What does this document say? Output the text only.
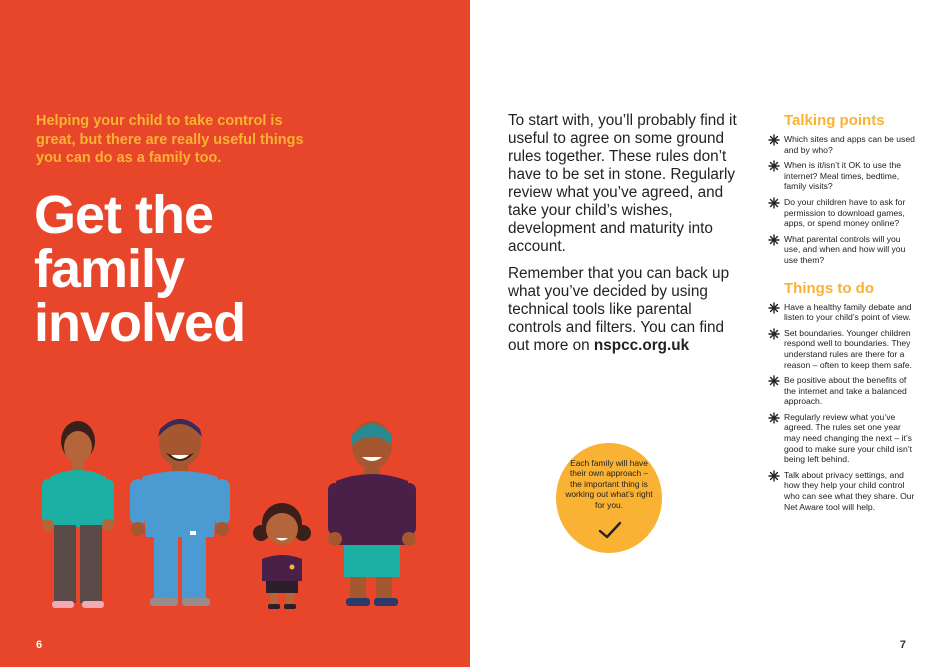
Helping your child to take control is great, but there are really useful things you can do as a family too.
Get the
family
involved
6

To start with, you’ll probably find it useful to agree on some ground rules together. These rules don’t have to be set in stone. Regularly review what you’ve agreed, and take your child’s wishes, development and maturity into account.

Remember that you can back up what you’ve decided by using technical tools like parental controls and filters. You can find out more on nspcc.org.uk

Each family will have their own approach – the important thing is working out what’s right for you.
Talking points
Which sites and apps can be used and by who?
When is it/isn’t it OK to use the internet? Meal times, bedtime, family visits?
Do your children have to ask for permission to download games, apps, or spend money online?
What parental controls will you use, and when and how will you use them?
Things to do
Have a healthy family debate and listen to your child’s point of view.
Set boundaries. Younger children respond well to boundaries. They understand rules are there for a reason – often to keep them safe.
Be positive about the benefits of the internet and take a balanced approach.
Regularly review what you’ve agreed. The rules set one year may need changing the next – it’s good to make sure your child isn’t being left behind.
Talk about privacy settings, and how they help your child control who can see what they share. Our Net Aware tool will help.
7
